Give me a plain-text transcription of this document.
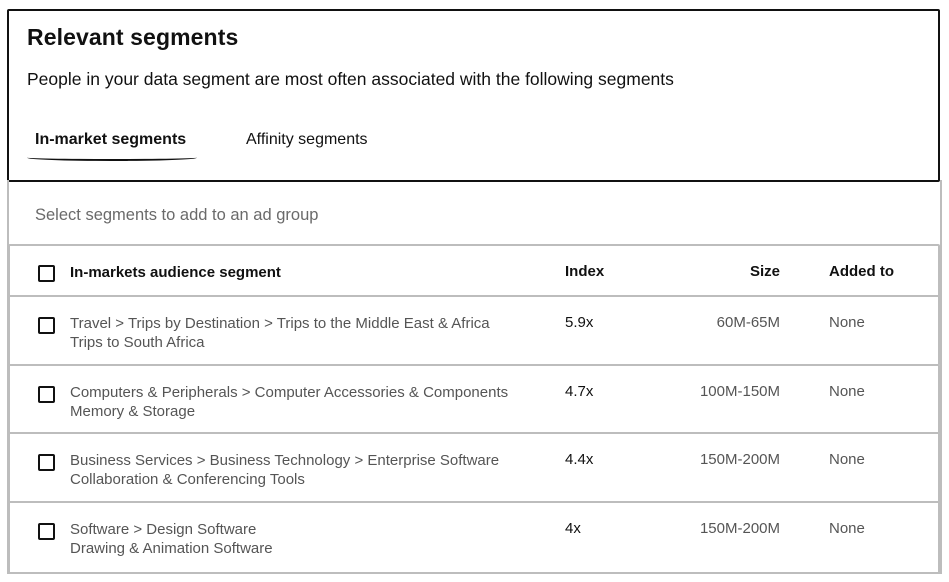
Relevant segments
People in your data segment are most often associated with the following segments
In-market segments	Affinity segments
Select segments to add to an ad group
In-markets audience segment	Index	Size	Added to
Travel > Trips by Destination > Trips to the Middle East & Africa
Trips to South Africa
5.9x	60M-65M	None
Computers & Peripherals > Computer Accessories & Components
Memory & Storage
4.7x	100M-150M	None
Business Services > Business Technology > Enterprise Software
Collaboration & Conferencing Tools
4.4x	150M-200M	None
Software > Design Software
Drawing & Animation Software
4x	150M-200M	None
